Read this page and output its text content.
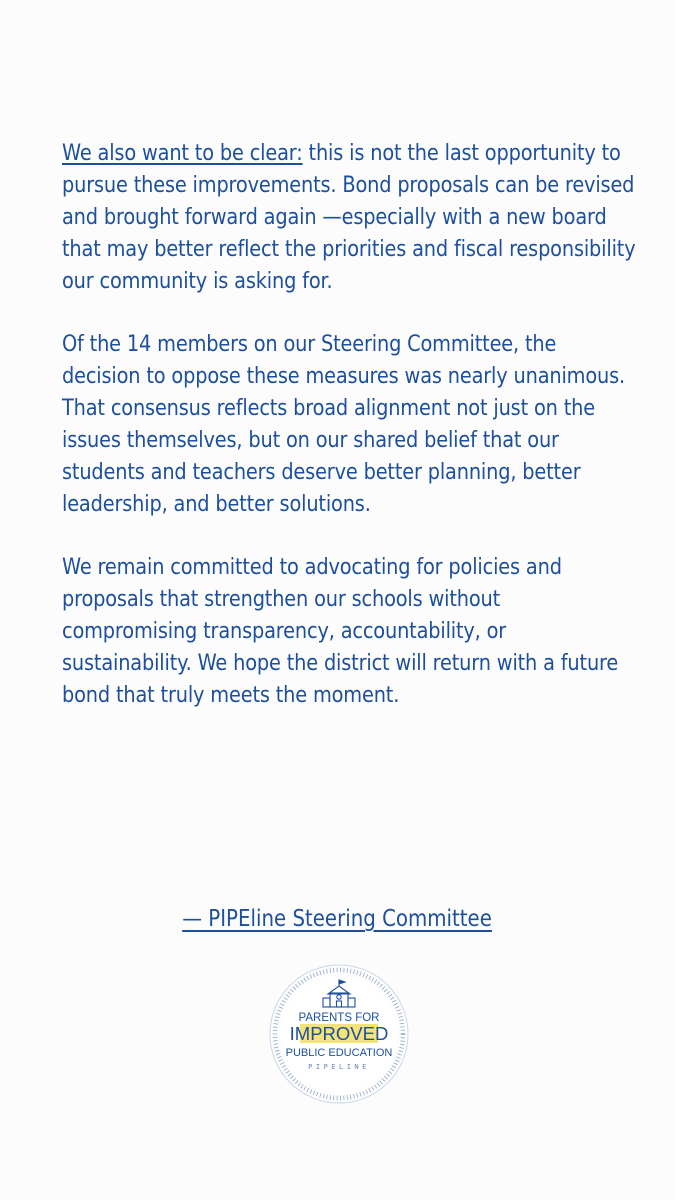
We also want to be clear: this is not the last opportunity to pursue these improvements. Bond proposals can be revised and brought forward again —especially with a new board that may better reflect the priorities and fiscal responsibility our community is asking for.

Of the 14 members on our Steering Committee, the decision to oppose these measures was nearly unanimous. That consensus reflects broad alignment not just on the issues themselves, but on our shared belief that our students and teachers deserve better planning, better leadership, and better solutions.

We remain committed to advocating for policies and proposals that strengthen our schools without compromising transparency, accountability, or sustainability. We hope the district will return with a future bond that truly meets the moment.

— PIPEline Steering Committee
PARENTS FOR
IMPROVED
PUBLIC EDUCATION
PIPELINE
